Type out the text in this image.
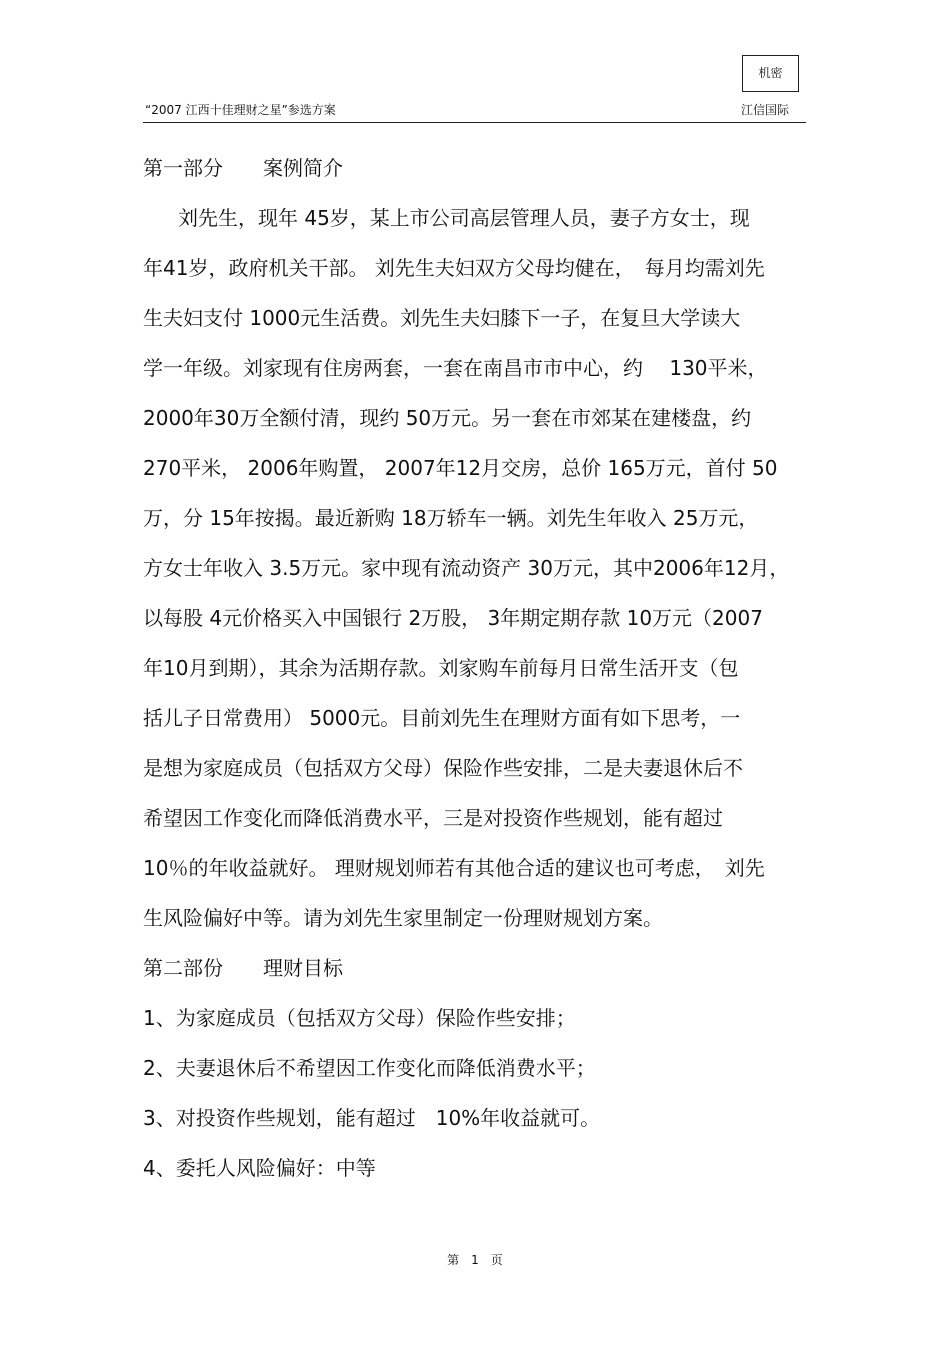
机密
“2007 江西十佳理财之星”参选方案	江信国际
第一部分　　案例简介
刘先生，现年 45岁，某上市公司高层管理人员，妻子方女士，现
年41岁，政府机关干部。 刘先生夫妇双方父母均健在，　每月均需刘先
生夫妇支付 1000元生活费。刘先生夫妇膝下一子，在复旦大学读大
学一年级。刘家现有住房两套，一套在南昌市市中心，约　 130平米，
2000年30万全额付清，现约 50万元。另一套在市郊某在建楼盘，约
270平米， 2006年购置， 2007年12月交房，总价 165万元，首付 50
万，分 15年按揭。最近新购 18万轿车一辆。刘先生年收入 25万元，
方女士年收入 3.5万元。家中现有流动资产 30万元，其中2006年12月，
以每股 4元价格买入中国银行 2万股， 3年期定期存款 10万元（2007
年10月到期），其余为活期存款。刘家购车前每月日常生活开支（包
括儿子日常费用） 5000元。目前刘先生在理财方面有如下思考，一
是想为家庭成员（包括双方父母）保险作些安排，二是夫妻退休后不
希望因工作变化而降低消费水平，三是对投资作些规划，能有超过
10％的年收益就好。 理财规划师若有其他合适的建议也可考虑，　刘先
生风险偏好中等。请为刘先生家里制定一份理财规划方案。
第二部份　　理财目标
1、为家庭成员（包括双方父母）保险作些安排；
2、夫妻退休后不希望因工作变化而降低消费水平；
3、对投资作些规划，能有超过　10%年收益就可。
4、委托人风险偏好：中等
第　1　页
